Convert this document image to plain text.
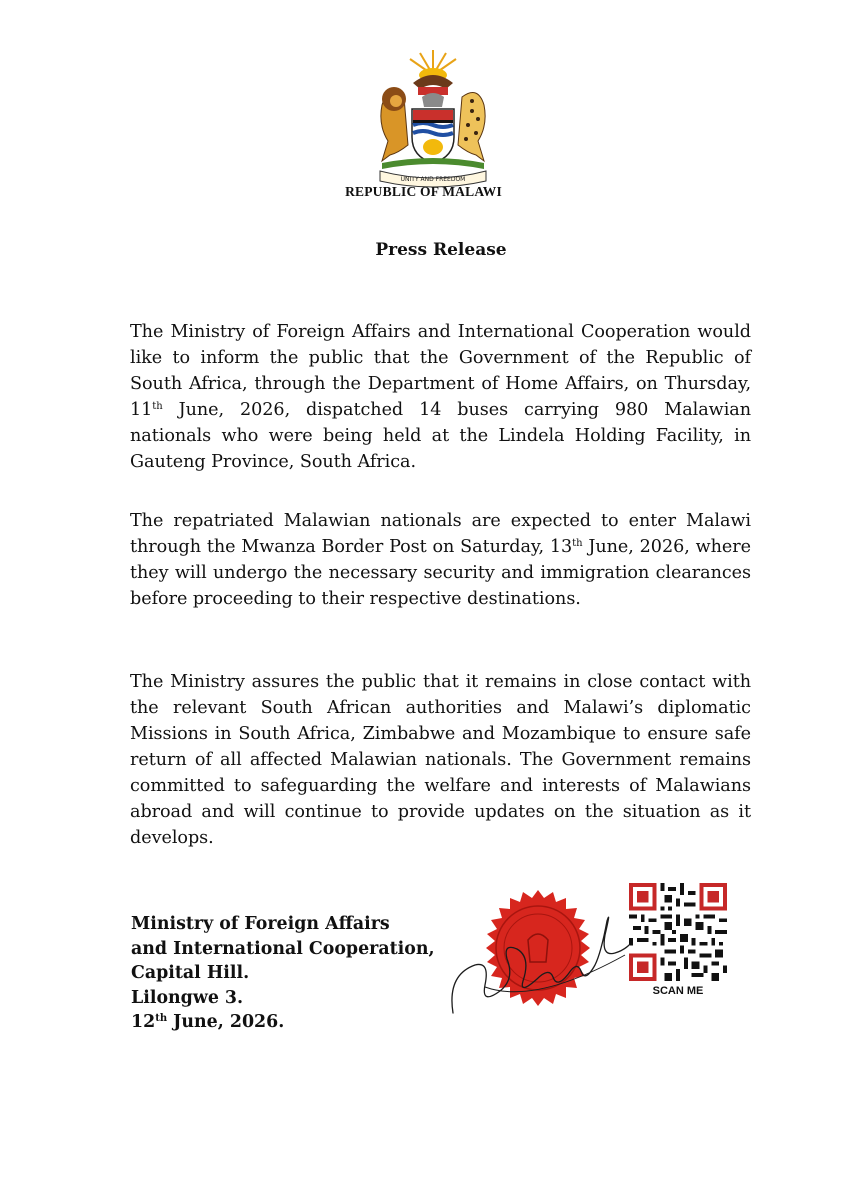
UNITY AND FREEDOM
REPUBLIC OF MALAWI
Press Release

The Ministry of Foreign Affairs and International Cooperation would like to inform the public that the Government of the Republic of South Africa, through the Department of Home Affairs, on Thursday, 11th June, 2026, dispatched 14 buses carrying 980 Malawian nationals who were being held at the Lindela Holding Facility, in Gauteng Province, South Africa.

The repatriated Malawian nationals are expected to enter Malawi through the Mwanza Border Post on Saturday, 13th June, 2026, where they will undergo the necessary security and immigration clearances before proceeding to their respective destinations.

The Ministry assures the public that it remains in close contact with the relevant South African authorities and Malawi’s diplomatic Missions in South Africa, Zimbabwe and Mozambique to ensure safe return of all affected Malawian nationals. The Government remains committed to safeguarding the welfare and interests of Malawians abroad and will continue to provide updates on the situation as it develops.

Ministry of Foreign Affairs
and International Cooperation,
Capital Hill.
Lilongwe 3.
12th June, 2026.
SCAN ME
